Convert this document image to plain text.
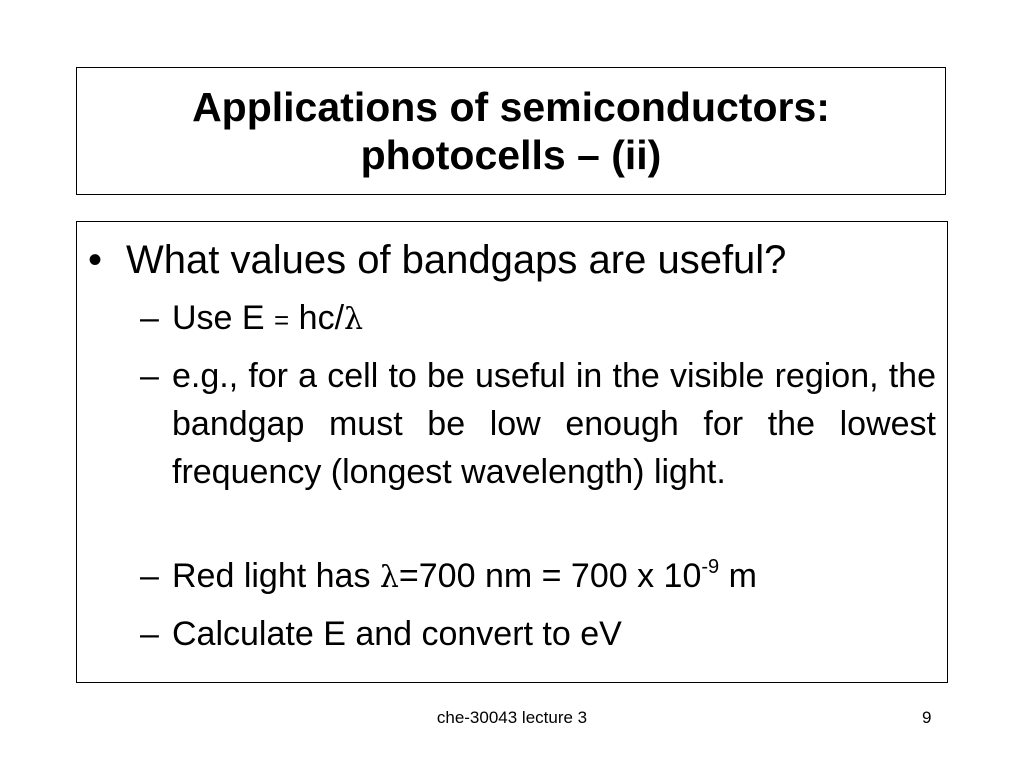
Applications of semiconductors:
photocells – (ii)
• What values of bandgaps are useful?
– Use E = hc/λ
– e.g., for a cell to be useful in the visible region, the bandgap must be low enough for the lowest frequency (longest wavelength) light.
– Red light has λ=700 nm = 700 x $10^{-9}$ m
– Calculate E and convert to eV
che-30043 lecture 3	9
